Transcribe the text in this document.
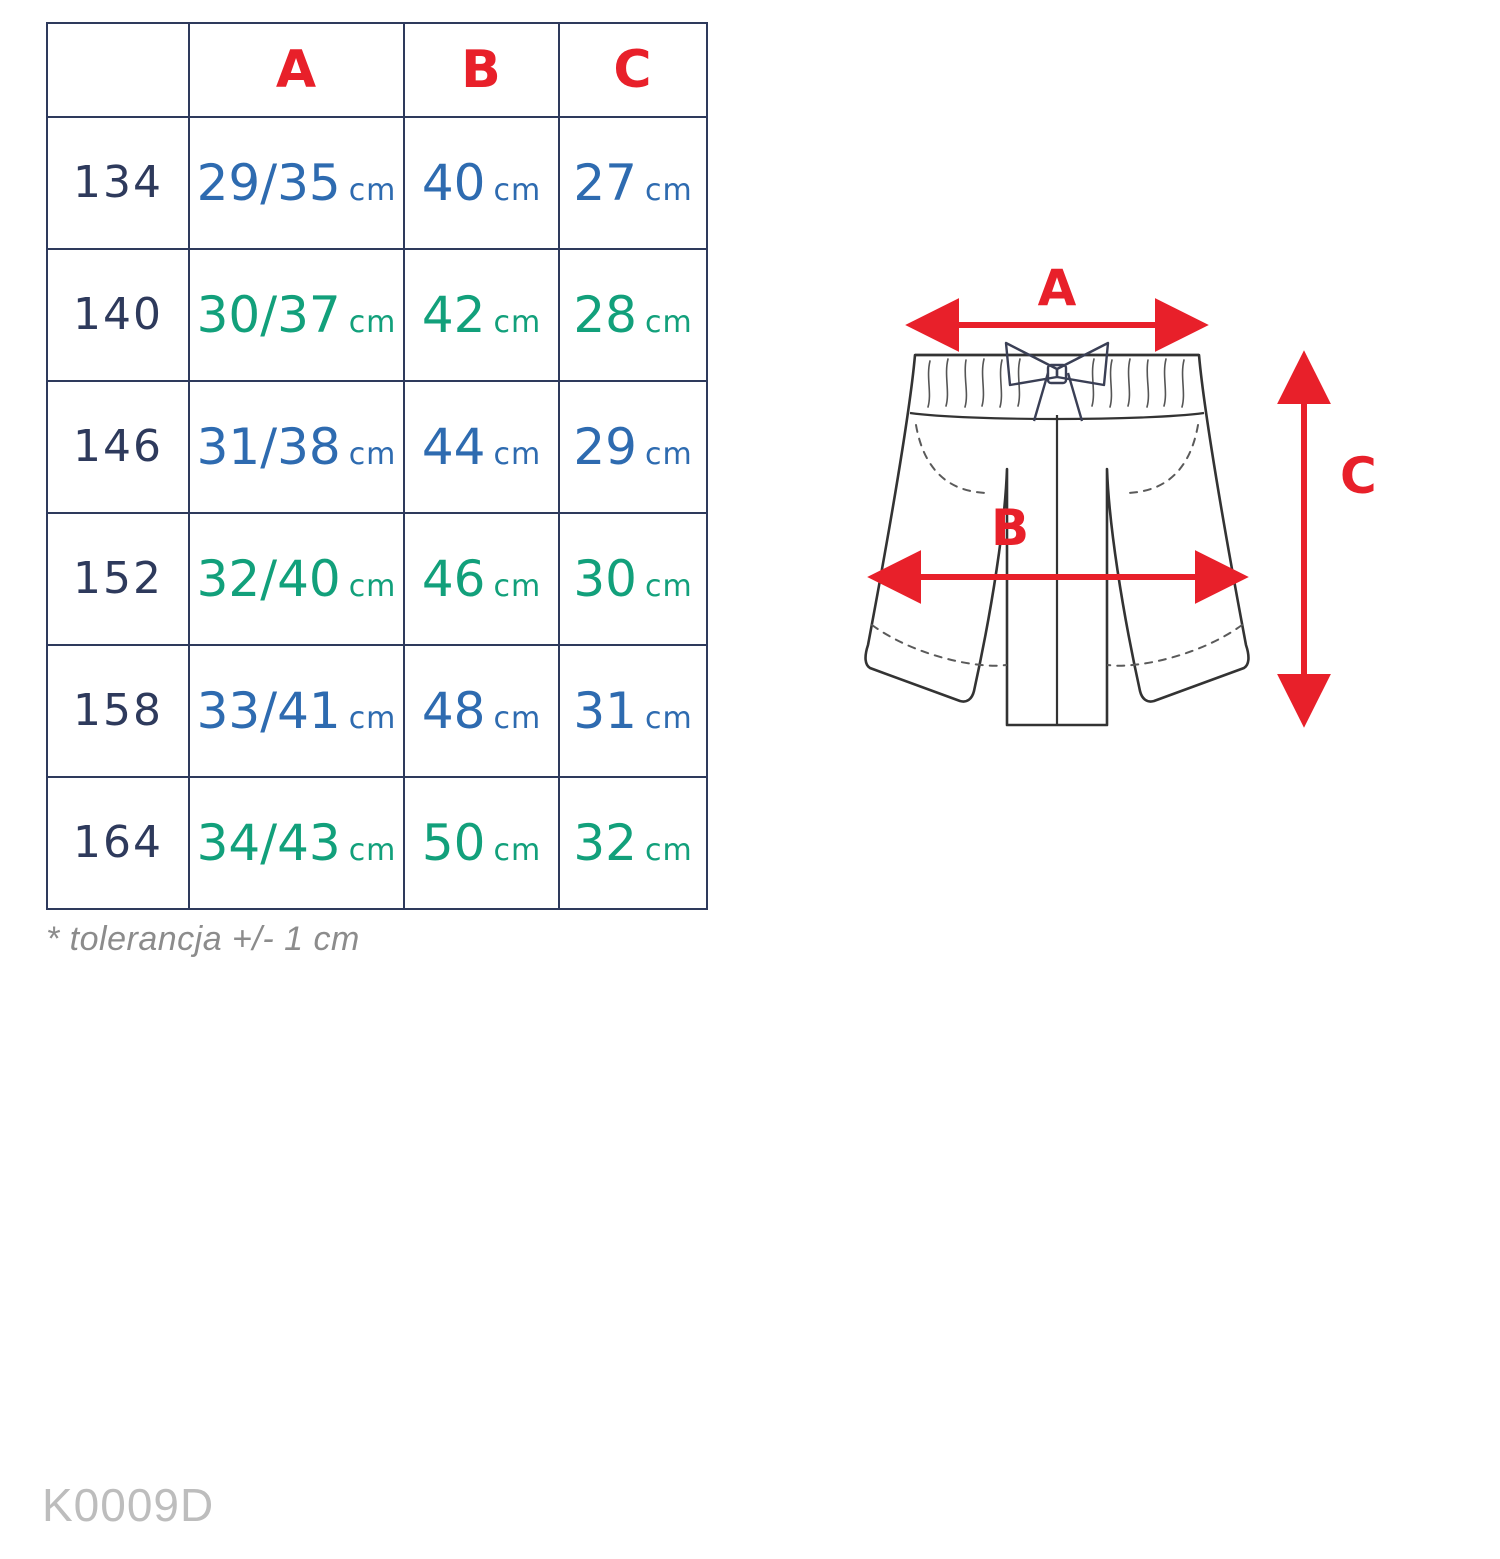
	A	B	C
134	29/35 cm	40 cm	27 cm
140	30/37 cm	42 cm	28 cm
146	31/38 cm	44 cm	29 cm
152	32/40 cm	46 cm	30 cm
158	33/41 cm	48 cm	31 cm
164	34/43 cm	50 cm	32 cm
* tolerancja +/- 1 cm
A
B
C
K0009D
